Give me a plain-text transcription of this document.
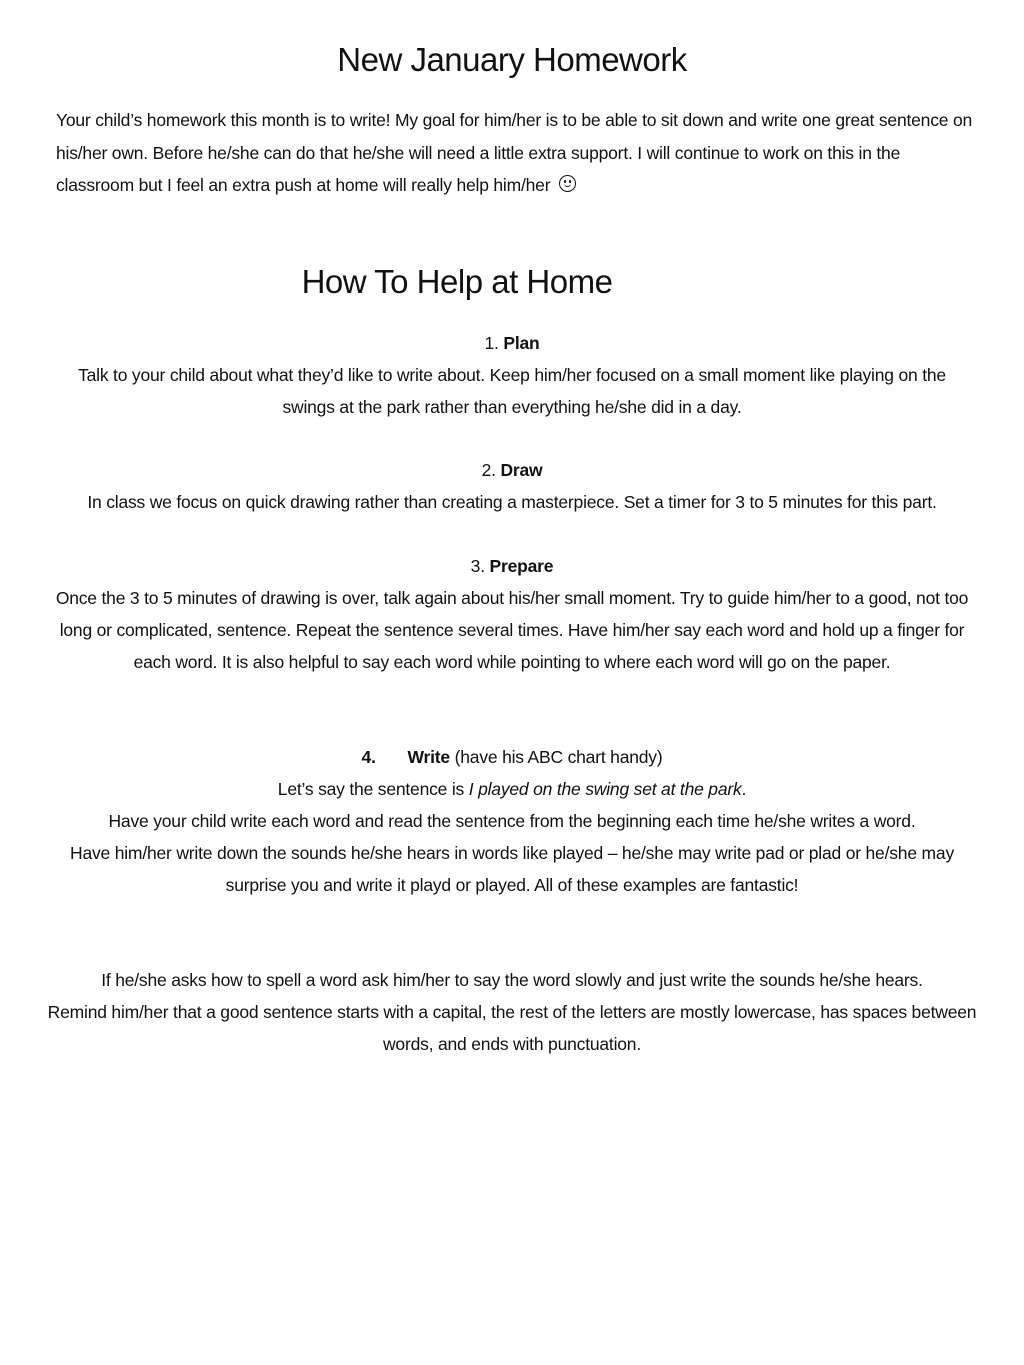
New January Homework

Your child’s homework this month is to write! My goal for him/her is to be able to sit down and write one great sentence on his/her own. Before he/she can do that he/she will need a little extra support. I will continue to work on this in the classroom but I feel an extra push at home will really help him/her

How To Help at Home

1. Plan

Talk to your child about what they’d like to write about. Keep him/her focused on a small moment like playing on the swings at the park rather than everything he/she did in a day.

2. Draw

In class we focus on quick drawing rather than creating a masterpiece. Set a timer for 3 to 5 minutes for this part.

3. Prepare

Once the 3 to 5 minutes of drawing is over, talk again about his/her small moment. Try to guide him/her to a good, not too long or complicated, sentence. Repeat the sentence several times. Have him/her say each word and hold up a finger for each word. It is also helpful to say each word while pointing to where each word will go on the paper.

4. Write (have his ABC chart handy)

Let’s say the sentence is I played on the swing set at the park.

Have your child write each word and read the sentence from the beginning each time he/she writes a word.

Have him/her write down the sounds he/she hears in words like played – he/she may write pad or plad or he/she may surprise you and write it playd or played. All of these examples are fantastic!

If he/she asks how to spell a word ask him/her to say the word slowly and just write the sounds he/she hears.

Remind him/her that a good sentence starts with a capital, the rest of the letters are mostly lowercase, has spaces between words, and ends with punctuation.
